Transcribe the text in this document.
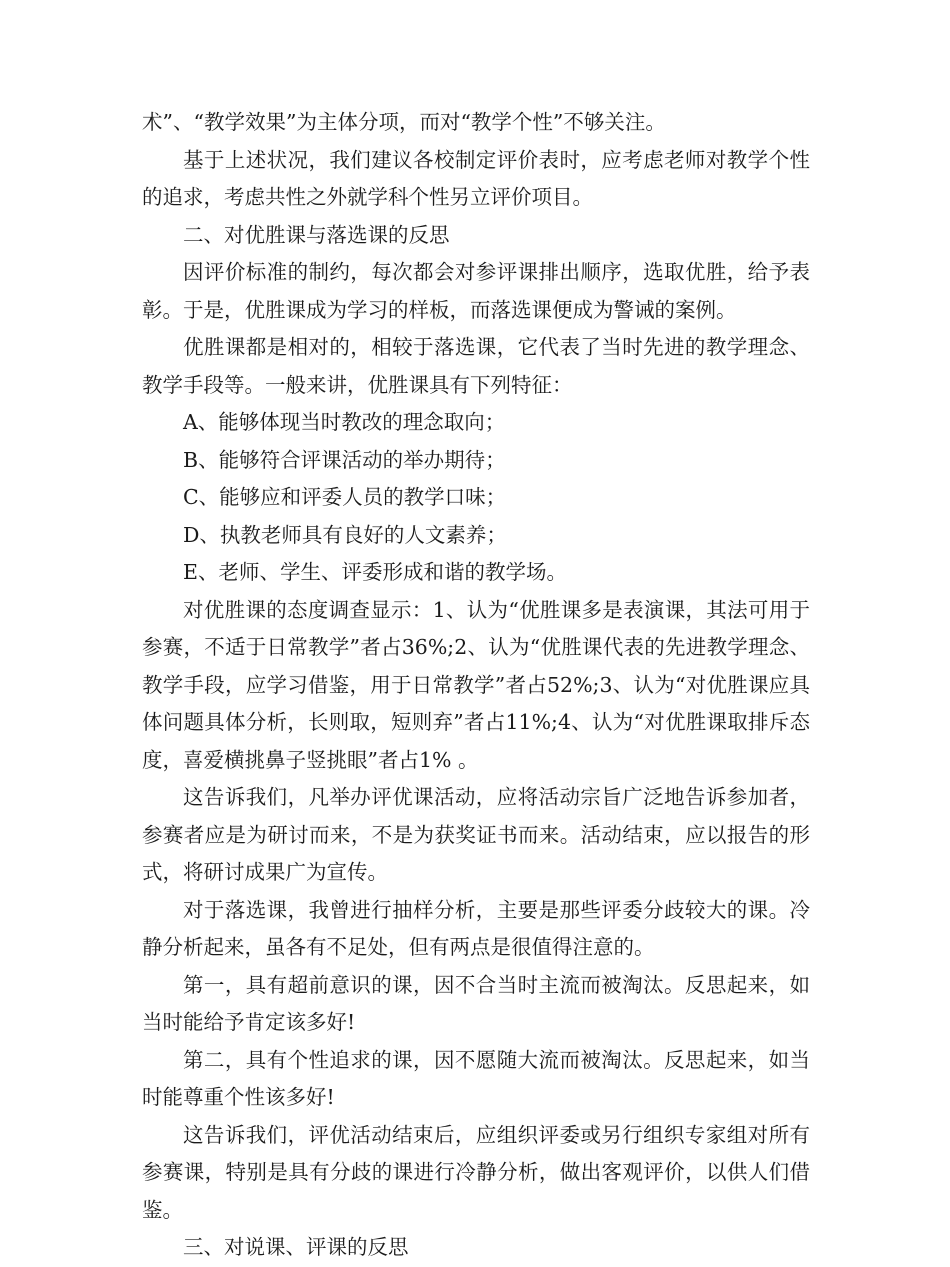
术”、“教学效果”为主体分项，而对“教学个性”不够关注。

基于上述状况，我们建议各校制定评价表时，应考虑老师对教学个性的追求，考虑共性之外就学科个性另立评价项目。

二、对优胜课与落选课的反思

因评价标准的制约，每次都会对参评课排出顺序，选取优胜，给予表彰。于是，优胜课成为学习的样板，而落选课便成为警诫的案例。

优胜课都是相对的，相较于落选课，它代表了当时先进的教学理念、教学手段等。一般来讲，优胜课具有下列特征：

A、能够体现当时教改的理念取向；

B、能够符合评课活动的举办期待；

C、能够应和评委人员的教学口味；

D、执教老师具有良好的人文素养；

E、老师、学生、评委形成和谐的教学场。

对优胜课的态度调查显示：1、认为“优胜课多是表演课，其法可用于参赛，不适于日常教学”者占36%;2、认为“优胜课代表的先进教学理念、教学手段，应学习借鉴，用于日常教学”者占52%;3、认为“对优胜课应具体问题具体分析，长则取，短则弃”者占11%;4、认为“对优胜课取排斥态度，喜爱横挑鼻子竖挑眼”者占1% 。

这告诉我们，凡举办评优课活动，应将活动宗旨广泛地告诉参加者，参赛者应是为研讨而来，不是为获奖证书而来。活动结束，应以报告的形式，将研讨成果广为宣传。

对于落选课，我曾进行抽样分析，主要是那些评委分歧较大的课。冷静分析起来，虽各有不足处，但有两点是很值得注意的。

第一，具有超前意识的课，因不合当时主流而被淘汰。反思起来，如当时能给予肯定该多好!

第二，具有个性追求的课，因不愿随大流而被淘汰。反思起来，如当时能尊重个性该多好!

这告诉我们，评优活动结束后，应组织评委或另行组织专家组对所有参赛课，特别是具有分歧的课进行冷静分析，做出客观评价，以供人们借鉴。

三、对说课、评课的反思
